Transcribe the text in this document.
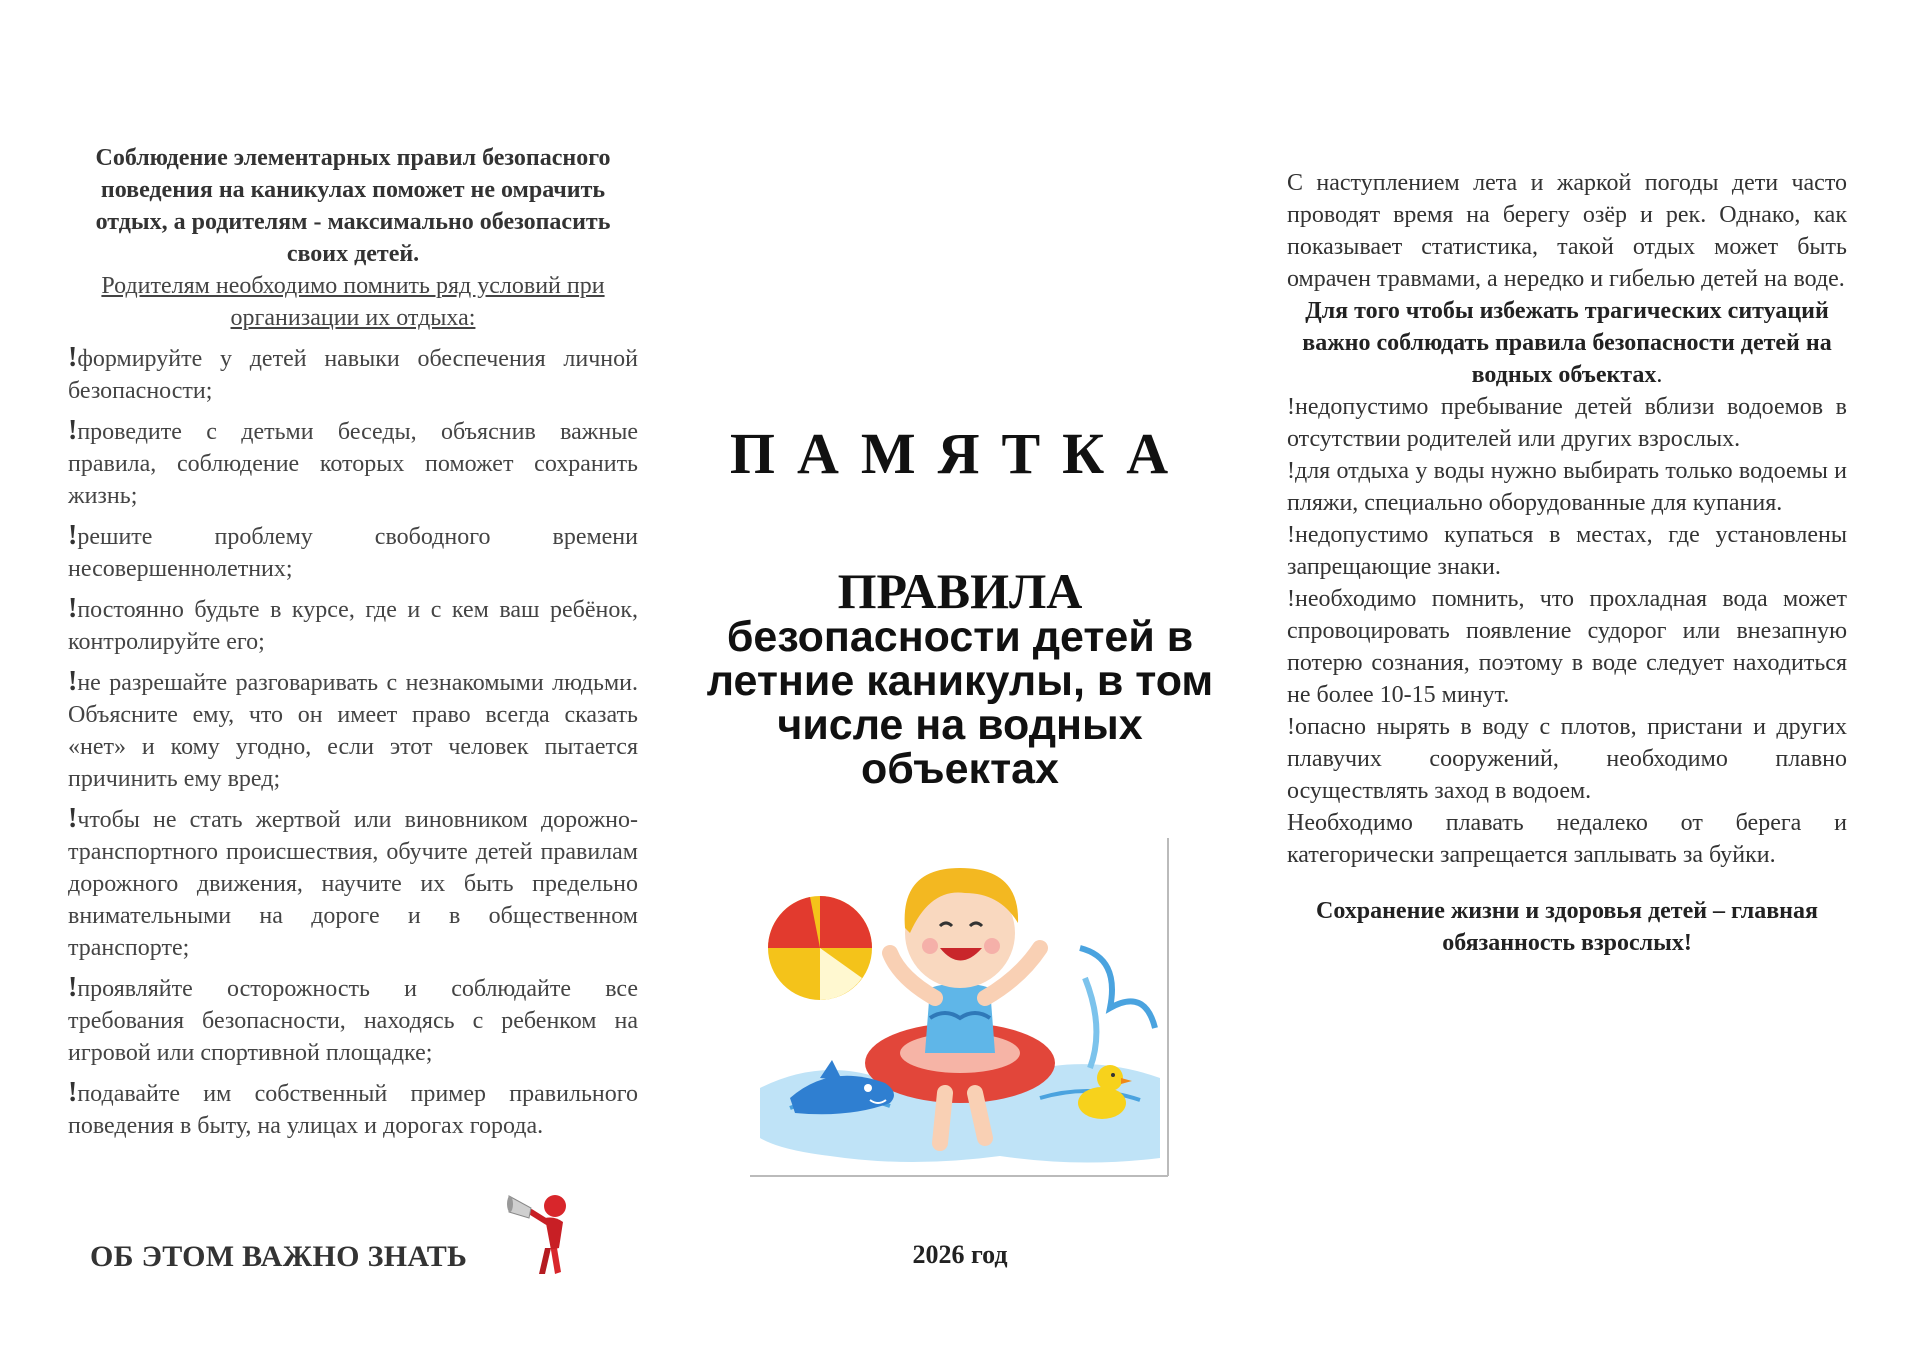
Соблюдение элементарных правил безопасного поведения на каникулах поможет не омрачить отдых, а родителям - максимально обезопасить своих детей.
Родителям необходимо помнить ряд условий при организации их отдыха:
!формируйте у детей навыки обеспечения личной безопасности;
!проведите с детьми беседы, объяснив важные правила, соблюдение которых поможет сохранить жизнь;
!решите проблему свободного времени несовершеннолетних;
!постоянно будьте в курсе, где и с кем ваш ребёнок, контролируйте его;
!не разрешайте разговаривать с незнакомыми людьми. Объясните ему, что он имеет право всегда сказать «нет» и кому угодно, если этот человек пытается причинить ему вред;
!чтобы не стать жертвой или виновником дорожно-транспортного происшествия, обучите детей правилам дорожного движения, научите их быть предельно внимательными на дороге и в общественном транспорте;
!проявляйте осторожность и соблюдайте все требования безопасности, находясь с ребенком на игровой или спортивной площадке;
!подавайте им собственный пример правильного поведения в быту, на улицах и дорогах города.
ОБ ЭТОМ ВАЖНО ЗНАТЬ
ПАМЯТКА
ПРАВИЛА
безопасности детей в летние каникулы, в том числе на водных объектах
2026 год
С наступлением лета и жаркой погоды дети часто проводят время на берегу озёр и рек. Однако, как показывает статистика, такой отдых может быть омрачен травмами, а нередко и гибелью детей на воде.
Для того чтобы избежать трагических ситуаций важно соблюдать правила безопасности детей на водных объектах.
!недопустимо пребывание детей вблизи водоемов в отсутствии родителей или других взрослых.
!для отдыха у воды нужно выбирать только водоемы и пляжи, специально оборудованные для купания.
!недопустимо купаться в местах, где установлены запрещающие знаки.
!необходимо помнить, что прохладная вода может спровоцировать появление судорог или внезапную потерю сознания, поэтому в воде следует находиться не более 10-15 минут.
!опасно нырять в воду с плотов, пристани и других плавучих сооружений, необходимо плавно осуществлять заход в водоем.
Необходимо плавать недалеко от берега и категорически запрещается заплывать за буйки.
Сохранение жизни и здоровья детей – главная обязанность взрослых!
